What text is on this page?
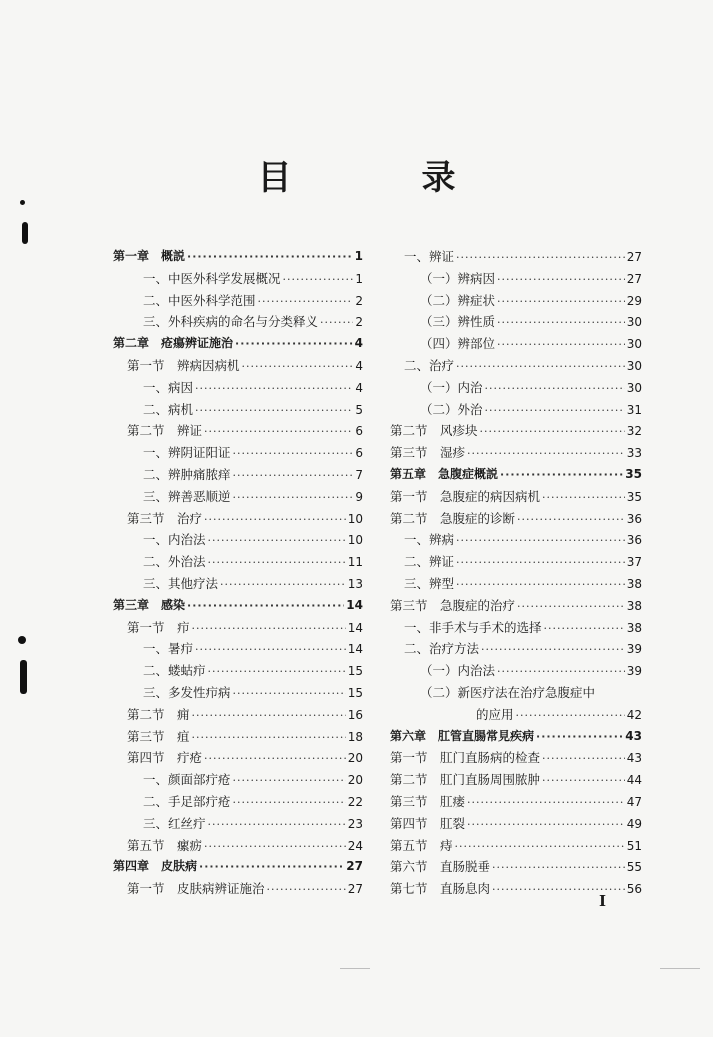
目　录
第一章　概説 ·····	1
一、中医外科学发展概况 ·····	1
二、中医外科学范围 ·····	2
三、外科疾病的命名与分类释义 ·····	2
第二章　疮瘍辨证施治 ·····	4
第一节　辨病因病机 ·····	4
一、病因 ·····	4
二、病机 ·····	5
第二节　辨证 ·····	6
一、辨阴证阳证 ·····	6
二、辨肿痛脓痒 ·····	7
三、辨善恶顺逆 ·····	9
第三节　治疗 ·····	10
一、内治法 ·····	10
二、外治法 ·····	11
三、其他疗法 ·····	13
第三章　感染 ·····	14
第一节　疖 ·····	14
一、暑疖 ·····	14
二、蝼蛄疖 ·····	15
三、多发性疖病 ·····	15
第二节　痈 ·····	16
第三节　疽 ·····	18
第四节　疔疮 ·····	20
一、颜面部疔疮 ·····	20
二、手足部疔疮 ·····	22
三、红丝疔 ·····	23
第五节　瘰疬 ·····	24
第四章　皮肤病 ·····	27
第一节　皮肤病辨证施治 ·····	27
一、辨证 ·····	27
（一）辨病因 ·····	27
（二）辨症状 ·····	29
（三）辨性质 ·····	30
（四）辨部位 ·····	30
二、治疗 ·····	30
（一）内治 ·····	30
（二）外治 ·····	31
第二节　风疹块 ·····	32
第三节　湿疹 ·····	33
第五章　急腹症概説 ·····	35
第一节　急腹症的病因病机 ·····	35
第二节　急腹症的诊断 ·····	36
一、辨病 ·····	36
二、辨证 ·····	37
三、辨型 ·····	38
第三节　急腹症的治疗 ·····	38
一、非手术与手术的选择 ·····	38
二、治疗方法 ·····	39
（一）内治法 ·····	39
（二）新医疗法在治疗急腹症中
的应用 ·····	42
第六章　肛管直腸常見疾病 ·····	43
第一节　肛门直肠病的检查 ·····	43
第二节　肛门直肠周围脓肿 ·····	44
第三节　肛瘘 ·····	47
第四节　肛裂 ·····	49
第五节　痔 ·····	51
第六节　直肠脱垂 ·····	55
第七节　直肠息肉 ·····	56
I
